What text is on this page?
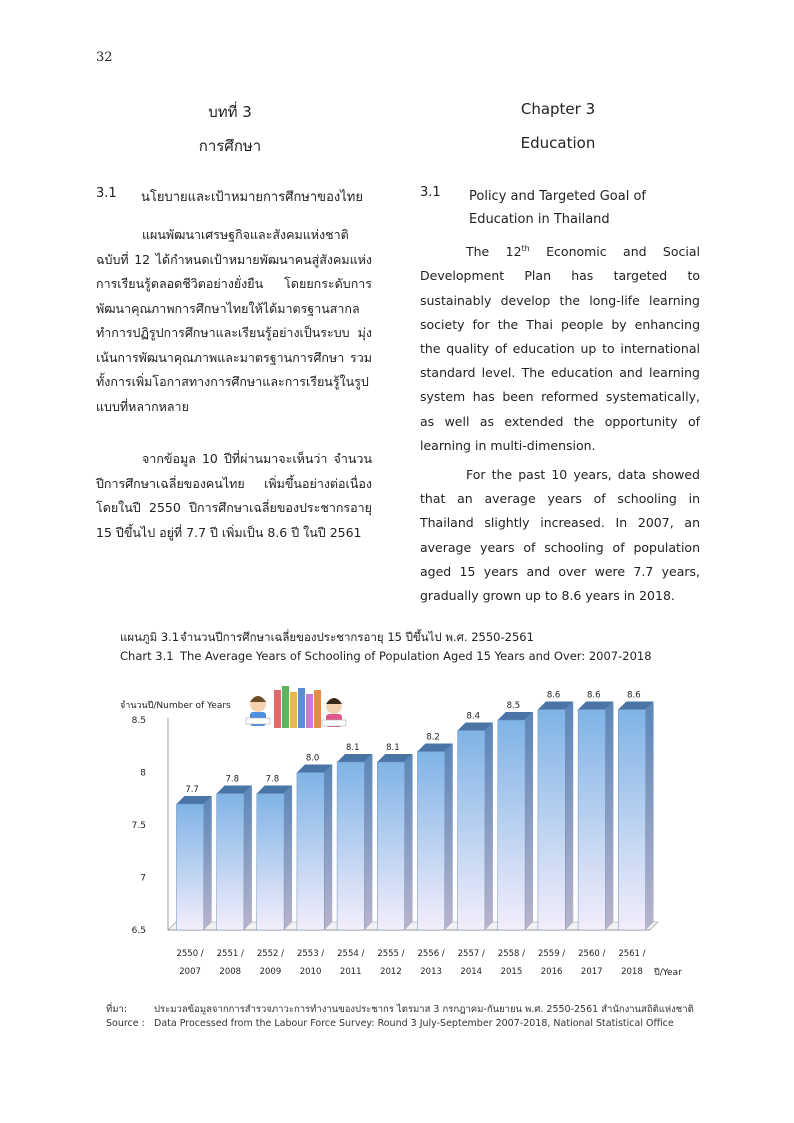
32
บทที่ 3
การศึกษา
3.1 นโยบายและเป้าหมายการศึกษาของไทย
แผนพัฒนาเศรษฐกิจและสังคมแห่งชาติ ฉบับที่ 12 ได้กำหนดเป้าหมายพัฒนาคนสู่สังคมแห่งการเรียนรู้ตลอดชีวิตอย่างยั่งยืน โดยยกระดับการพัฒนาคุณภาพการศึกษาไทยให้ได้มาตรฐานสากล ทำการปฏิรูปการศึกษาและเรียนรู้อย่างเป็นระบบ มุ่งเน้นการพัฒนาคุณภาพและมาตรฐานการศึกษา รวมทั้งการเพิ่มโอกาสทางการศึกษาและการเรียนรู้ในรูปแบบที่หลากหลาย
จากข้อมูล 10 ปีที่ผ่านมาจะเห็นว่า จำนวนปีการศึกษาเฉลี่ยของคนไทย เพิ่มขึ้นอย่างต่อเนื่อง โดยในปี 2550 ปีการศึกษาเฉลี่ยของประชากรอายุ 15 ปีขึ้นไป อยู่ที่ 7.7 ปี เพิ่มเป็น 8.6 ปี ในปี 2561
Chapter 3
Education
3.1 Policy and Targeted Goal of
Education in Thailand
The 12th Economic and Social Development Plan has targeted to sustainably develop the long-life learning society for the Thai people by enhancing the quality of education up to international standard level. The education and learning system has been reformed systematically, as well as extended the opportunity of learning in multi-dimension.
For the past 10 years, data showed that an average years of schooling in Thailand slightly increased. In 2007, an average years of schooling of population aged 15 years and over were 7.7 years, gradually grown up to 8.6 years in 2018.
แผนภูมิ 3.1จำนวนปีการศึกษาเฉลี่ยของประชากรอายุ 15 ปีขึ้นไป พ.ศ. 2550-2561
Chart 3.1 The Average Years of Schooling of Population Aged 15 Years and Over: 2007-2018
จำนวนปี/Number of Years
6.5
7
7.5
8
8.5
7.7
7.8	7.8
8.0
8.1	8.1
8.2
8.4
8.5
8.6	8.6	8.6
2550 /
2007
2551 /
2008
2552 /
2009
2553 /
2010
2554 /
2011
2555 /
2012
2556 /
2013
2557 /
2014
2558 /
2015
2559 /
2016
2560 /
2017
2561 /
2018 ปี/Year
ที่มา:	ประมวลข้อมูลจากการสำรวจภาวะการทำงานของประชากร ไตรมาส 3 กรกฎาคม-กันยายน พ.ศ. 2550-2561 สำนักงานสถิติแห่งชาติ
Source : Data Processed from the Labour Force Survey: Round 3 July-September 2007-2018, National Statistical Office
